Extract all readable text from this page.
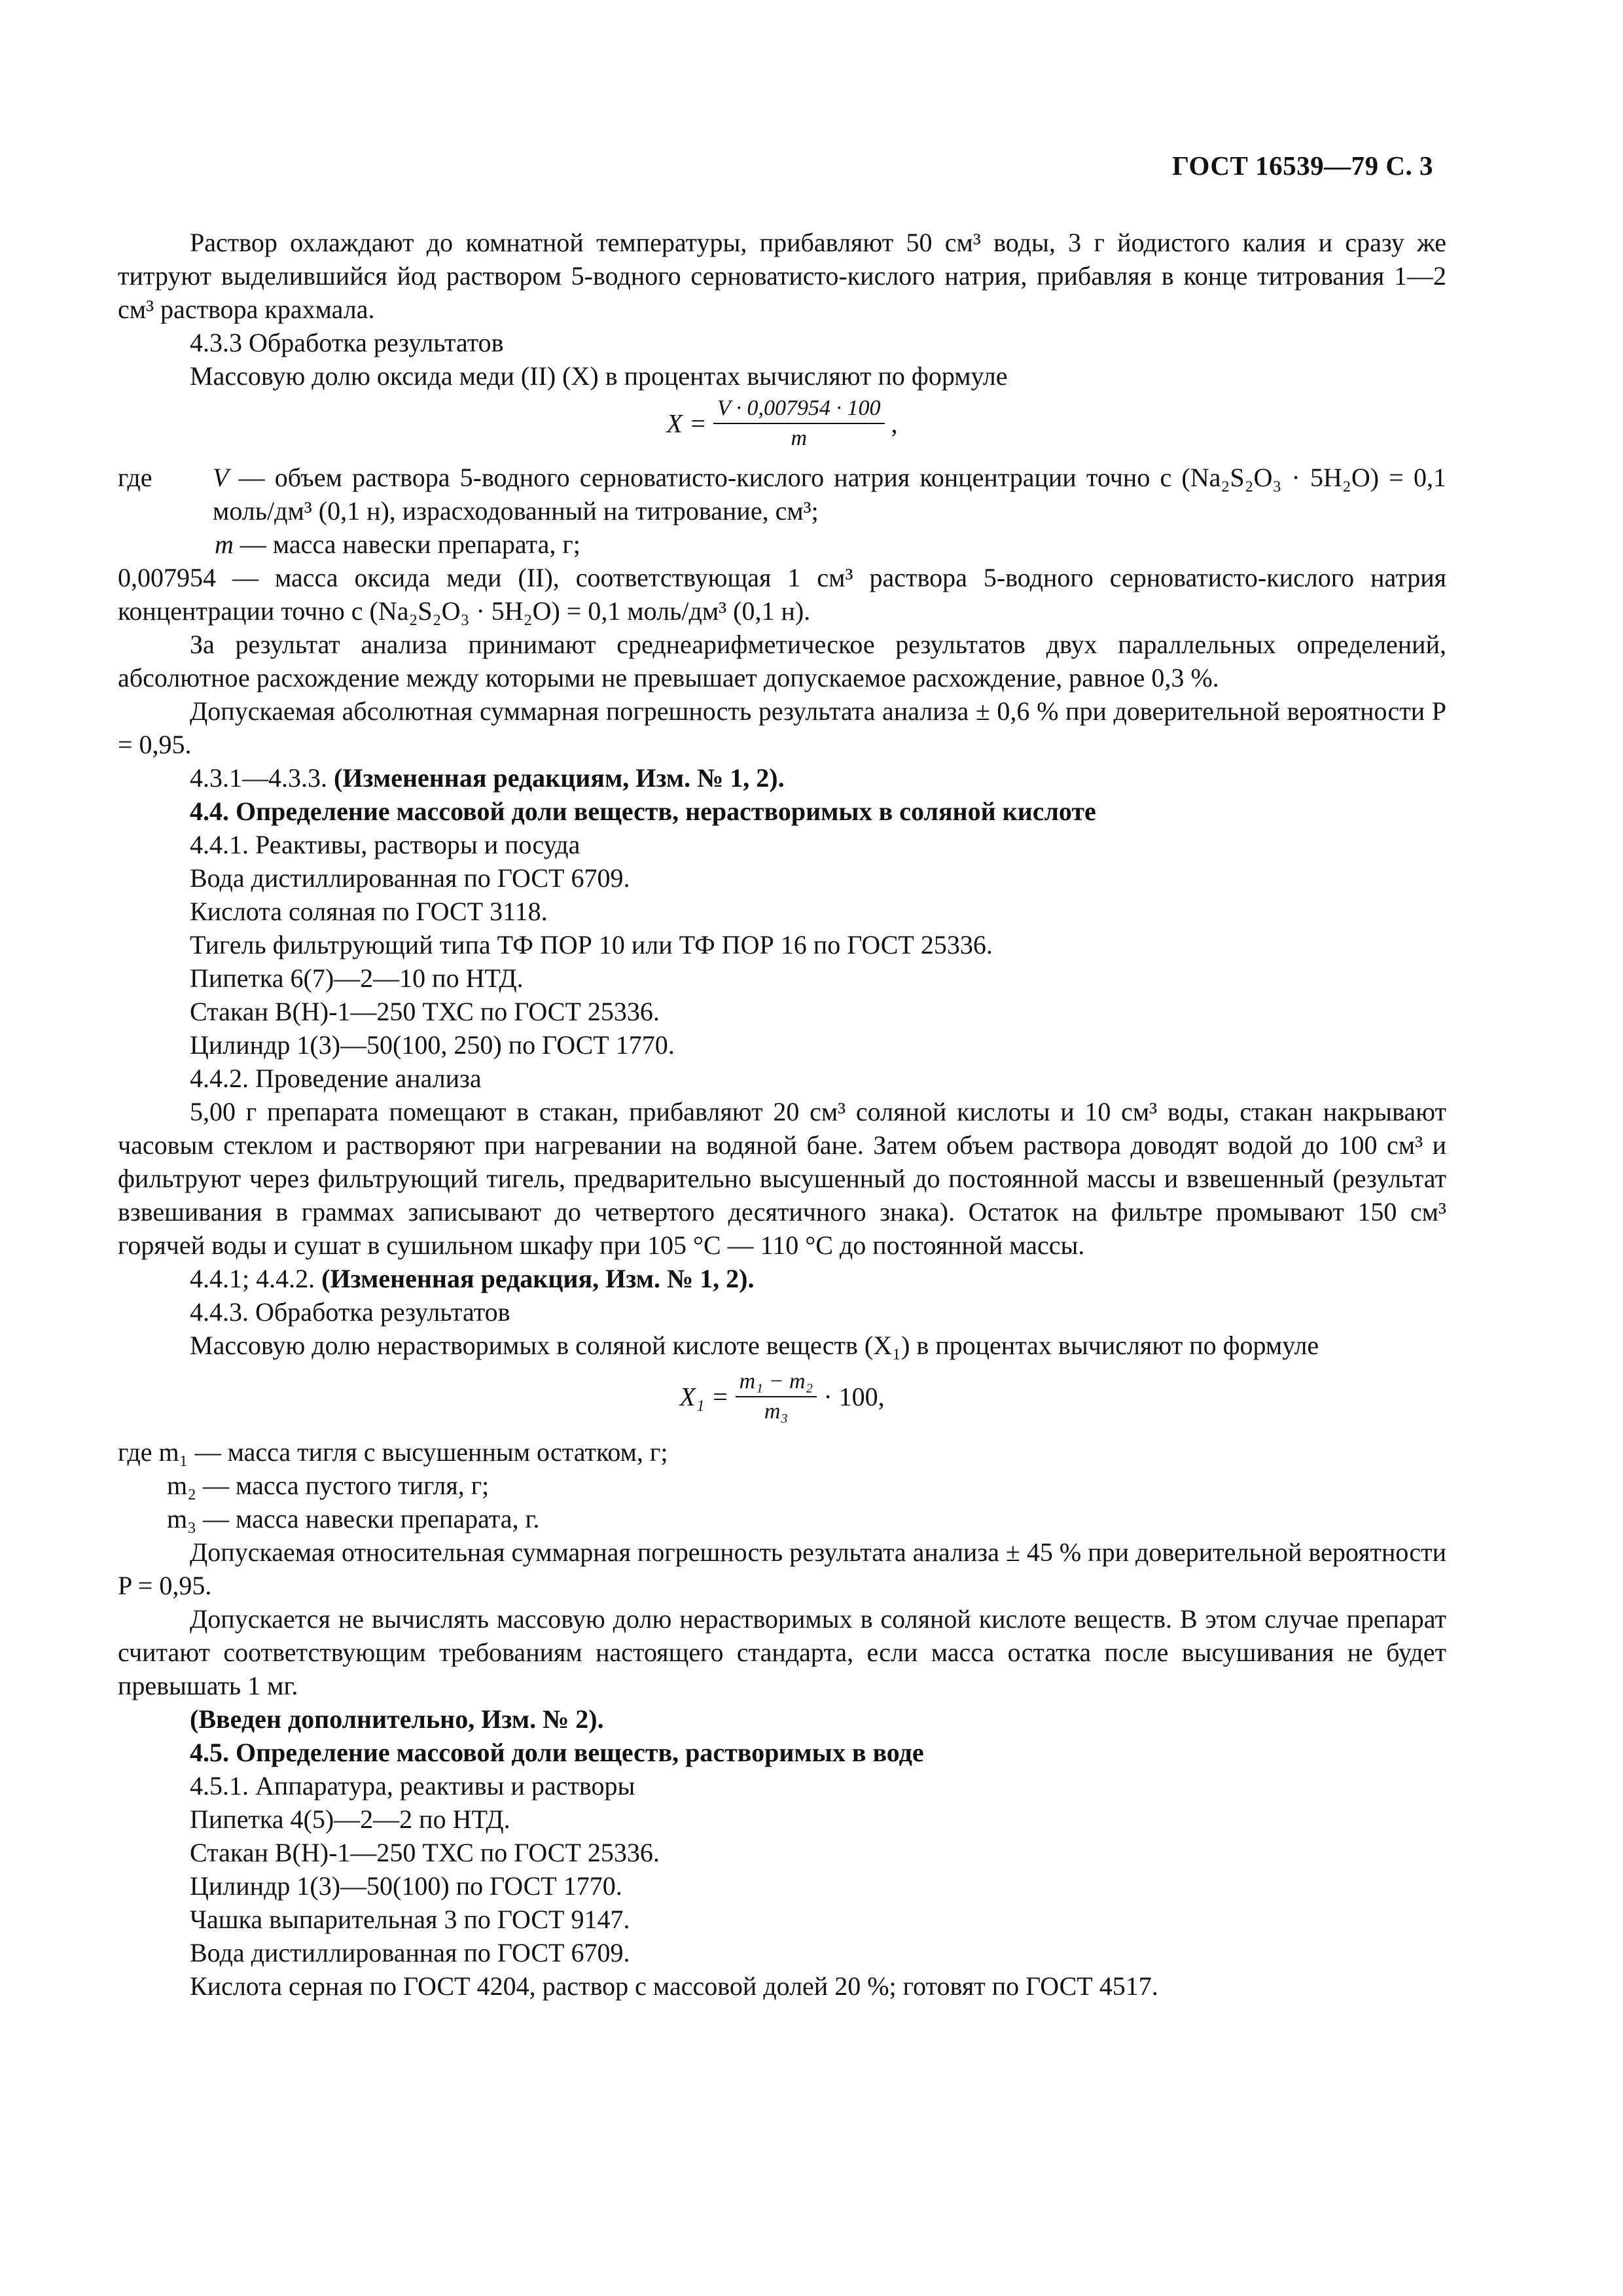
ГОСТ 16539—79 С. 3

Раствор охлаждают до комнатной температуры, прибавляют 50 см³ воды, 3 г йодистого калия и сразу же титруют выделившийся йод раствором 5-водного серноватисто-кислого натрия, прибавляя в конце титрования 1—2 см³ раствора крахмала.

4.3.3 Обработка результатов

Массовую долю оксида меди (II) (X) в процентах вычисляют по формуле

$X = \frac{V \cdot 0,007954 \cdot 100}{m}$ ,
где V — объем раствора 5-водного серноватисто-кислого натрия концентрации точно c (Na₂S₂O₃ · 5H₂O) = 0,1 моль/дм³ (0,1 н), израсходованный на титрование, см³;

m — масса навески препарата, г;

0,007954 — масса оксида меди (II), соответствующая 1 см³ раствора 5-водного серноватисто-кислого натрия концентрации точно c (Na₂S₂O₃ · 5H₂O) = 0,1 моль/дм³ (0,1 н).

За результат анализа принимают среднеарифметическое результатов двух параллельных определений, абсолютное расхождение между которыми не превышает допускаемое расхождение, равное 0,3 %.

Допускаемая абсолютная суммарная погрешность результата анализа ± 0,6 % при доверительной вероятности P = 0,95.

4.3.1—4.3.3. (Измененная редакциям, Изм. № 1, 2).

4.4. Определение массовой доли веществ, нерастворимых в соляной кислоте

4.4.1. Реактивы, растворы и посуда

Вода дистиллированная по ГОСТ 6709.

Кислота соляная по ГОСТ 3118.

Тигель фильтрующий типа ТФ ПОР 10 или ТФ ПОР 16 по ГОСТ 25336.

Пипетка 6(7)—2—10 по НТД.

Стакан В(Н)-1—250 ТХС по ГОСТ 25336.

Цилиндр 1(3)—50(100, 250) по ГОСТ 1770.

4.4.2. Проведение анализа

5,00 г препарата помещают в стакан, прибавляют 20 см³ соляной кислоты и 10 см³ воды, стакан накрывают часовым стеклом и растворяют при нагревании на водяной бане. Затем объем раствора доводят водой до 100 см³ и фильтруют через фильтрующий тигель, предварительно высушенный до постоянной массы и взвешенный (результат взвешивания в граммах записывают до четвертого десятичного знака). Остаток на фильтре промывают 150 см³ горячей воды и сушат в сушильном шкафу при 105 °С — 110 °С до постоянной массы.

4.4.1; 4.4.2. (Измененная редакция, Изм. № 1, 2).

4.4.3. Обработка результатов

Массовую долю нерастворимых в соляной кислоте веществ (X₁) в процентах вычисляют по формуле

$X_1 = \frac{\text{m₁ − m₂}}{\text{m₃}} \cdot 100$,

где m₁ — масса тигля с высушенным остатком, г;

m₂ — масса пустого тигля, г;

m₃ — масса навески препарата, г.

Допускаемая относительная суммарная погрешность результата анализа ± 45 % при доверительной вероятности P = 0,95.

Допускается не вычислять массовую долю нерастворимых в соляной кислоте веществ. В этом случае препарат считают соответствующим требованиям настоящего стандарта, если масса остатка после высушивания не будет превышать 1 мг.

(Введен дополнительно, Изм. № 2).

4.5. Определение массовой доли веществ, растворимых в воде

4.5.1. Аппаратура, реактивы и растворы

Пипетка 4(5)—2—2 по НТД.

Стакан В(Н)-1—250 ТХС по ГОСТ 25336.

Цилиндр 1(3)—50(100) по ГОСТ 1770.

Чашка выпарительная 3 по ГОСТ 9147.

Вода дистиллированная по ГОСТ 6709.

Кислота серная по ГОСТ 4204, раствор с массовой долей 20 %; готовят по ГОСТ 4517.
